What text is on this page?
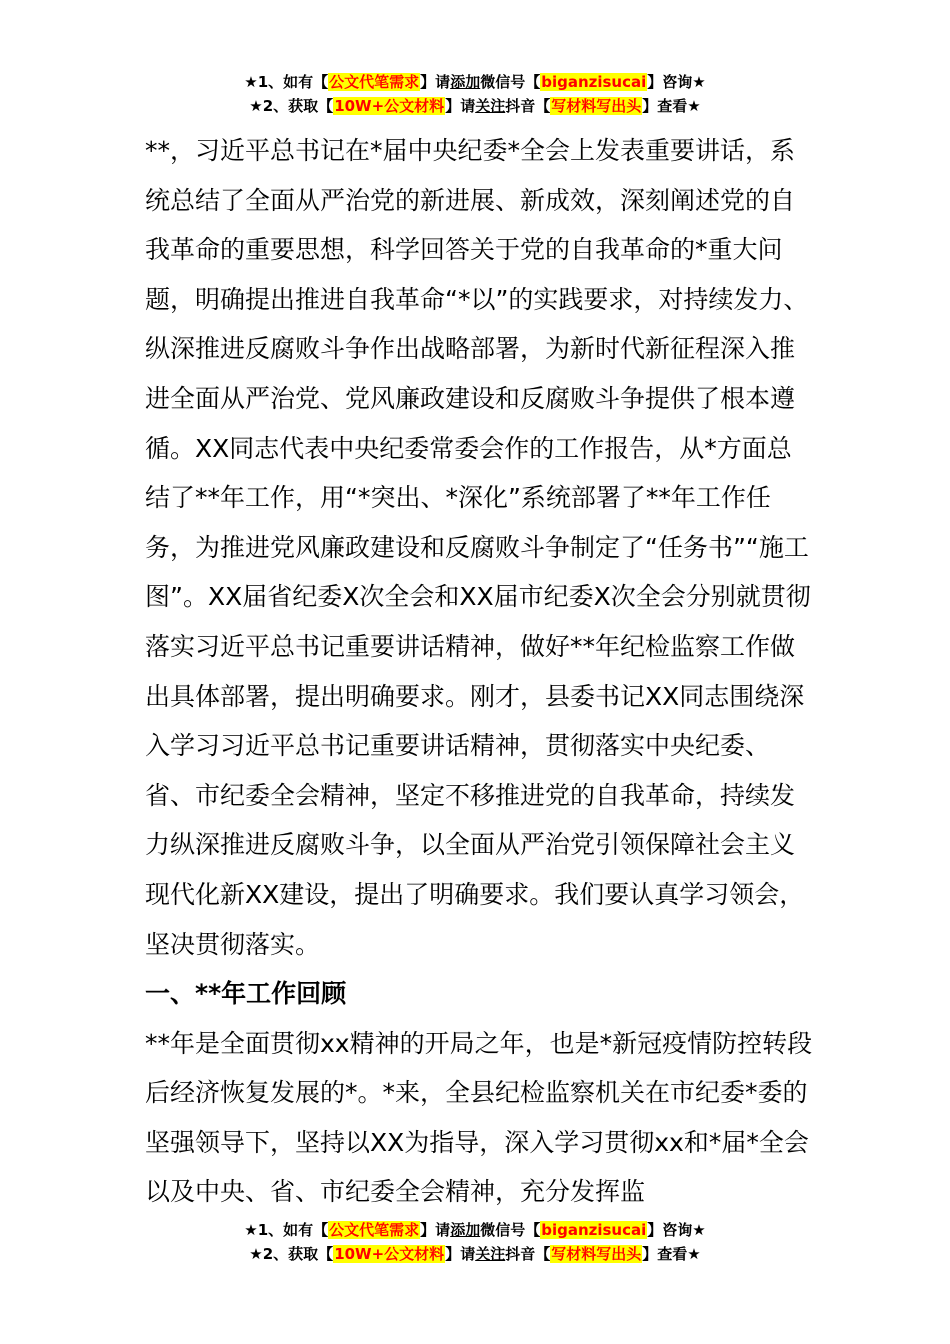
★1、如有【公文代笔需求】请添加微信号【biganzisucai】咨询★
★2、获取【10W+公文材料】请关注抖音【写材料写出头】查看★

**，习近平总书记在*届中央纪委*全会上发表重要讲话，系统总结了全面从严治党的新进展、新成效，深刻阐述党的自我革命的重要思想，科学回答关于党的自我革命的*重大问题，明确提出推进自我革命“*以”的实践要求，对持续发力、纵深推进反腐败斗争作出战略部署，为新时代新征程深入推进全面从严治党、党风廉政建设和反腐败斗争提供了根本遵循。XX同志代表中央纪委常委会作的工作报告，从*方面总结了**年工作，用“*突出、*深化”系统部署了**年工作任务，为推进党风廉政建设和反腐败斗争制定了“任务书”“施工图”。XX届省纪委X次全会和XX届市纪委X次全会分别就贯彻落实习近平总书记重要讲话精神，做好**年纪检监察工作做出具体部署，提出明确要求。刚才，县委书记XX同志围绕深入学习习近平总书记重要讲话精神，贯彻落实中央纪委、省、市纪委全会精神，坚定不移推进党的自我革命，持续发力纵深推进反腐败斗争，以全面从严治党引领保障社会主义现代化新XX建设，提出了明确要求。我们要认真学习领会，坚决贯彻落实。

一、**年工作回顾

**年是全面贯彻xx精神的开局之年，也是*新冠疫情防控转段后经济恢复发展的*。*来，全县纪检监察机关在市纪委*委的坚强领导下，坚持以XX为指导，深入学习贯彻xx和*届*全会以及中央、省、市纪委全会精神，充分发挥监

★1、如有【公文代笔需求】请添加微信号【biganzisucai】咨询★
★2、获取【10W+公文材料】请关注抖音【写材料写出头】查看★
